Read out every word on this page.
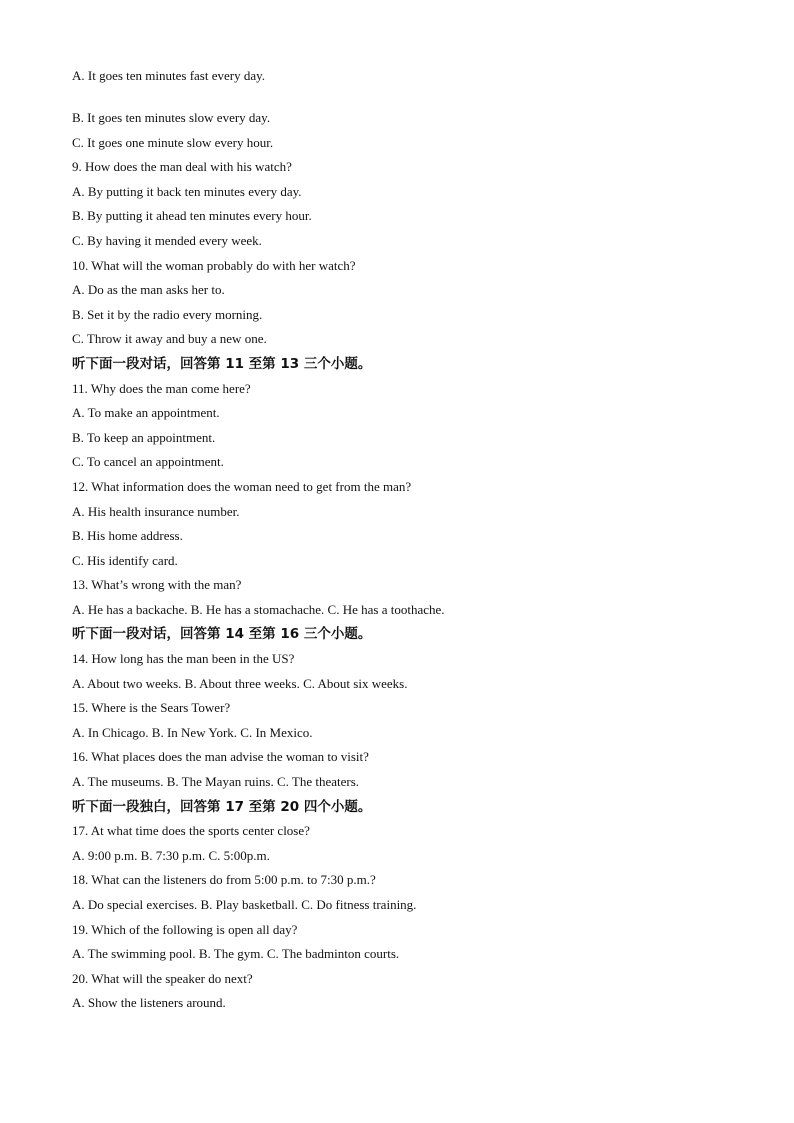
A. It goes ten minutes fast every day.
B. It goes ten minutes slow every day.
C. It goes one minute slow every hour.
9. How does the man deal with his watch?
A. By putting it back ten minutes every day.
B. By putting it ahead ten minutes every hour.
C. By having it mended every week.
10. What will the woman probably do with her watch?
A. Do as the man asks her to.
B. Set it by the radio every morning.
C. Throw it away and buy a new one.
听下面一段对话，回答第 11 至第 13 三个小题。
11. Why does the man come here?
A. To make an appointment.
B. To keep an appointment.
C. To cancel an appointment.
12. What information does the woman need to get from the man?
A. His health insurance number.
B. His home address.
C. His identify card.
13. What’s wrong with the man?
A. He has a backache. B. He has a stomachache. C. He has a toothache.
听下面一段对话，回答第 14 至第 16 三个小题。
14. How long has the man been in the US?
A. About two weeks. B. About three weeks. C. About six weeks.
15. Where is the Sears Tower?
A. In Chicago. B. In New York. C. In Mexico.
16. What places does the man advise the woman to visit?
A. The museums. B. The Mayan ruins. C. The theaters.
听下面一段独白，回答第 17 至第 20 四个小题。
17. At what time does the sports center close?
A. 9:00 p.m. B. 7:30 p.m. C. 5:00p.m.
18. What can the listeners do from 5:00 p.m. to 7:30 p.m.?
A. Do special exercises. B. Play basketball. C. Do fitness training.
19. Which of the following is open all day?
A. The swimming pool. B. The gym. C. The badminton courts.
20. What will the speaker do next?
A. Show the listeners around.
